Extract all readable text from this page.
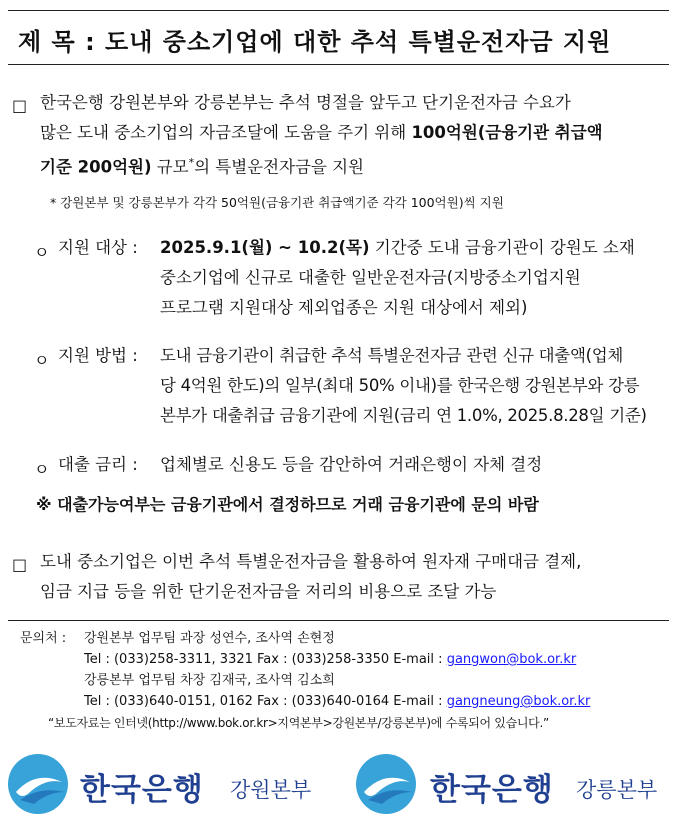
제 목 : 도내 중소기업에 대한 추석 특별운전자금 지원
□ 한국은행 강원본부와 강릉본부는 추석 명절을 앞두고 단기운전자금 수요가
많은 도내 중소기업의 자금조달에 도움을 주기 위해 100억원(금융기관 취급액
기준 200억원) 규모*의 특별운전자금을 지원
* 강원본부 및 강릉본부가 각각 50억원(금융기관 취급액기준 각각 100억원)씩 지원
ㅇ 지원 대상 : 2025.9.1(월) ~ 10.2(목) 기간중 도내 금융기관이 강원도 소재
중소기업에 신규로 대출한 일반운전자금(지방중소기업지원
프로그램 지원대상 제외업종은 지원 대상에서 제외)
ㅇ 지원 방법 : 도내 금융기관이 취급한 추석 특별운전자금 관련 신규 대출액(업체
당 4억원 한도)의 일부(최대 50% 이내)를 한국은행 강원본부와 강릉
본부가 대출취급 금융기관에 지원(금리 연 1.0%, 2025.8.28일 기준)
ㅇ 대출 금리 : 업체별로 신용도 등을 감안하여 거래은행이 자체 결정
※ 대출가능여부는 금융기관에서 결정하므로 거래 금융기관에 문의 바람
□ 도내 중소기업은 이번 추석 특별운전자금을 활용하여 원자재 구매대금 결제,
임금 지급 등을 위한 단기운전자금을 저리의 비용으로 조달 가능
문의처 : 강원본부 업무팀 과장 성연수, 조사역 손현정
Tel : (033)258-3311, 3321 Fax : (033)258-3350 E-mail : gangwon@bok.or.kr
강릉본부 업무팀 차장 김재국, 조사역 김소희
Tel : (033)640-0151, 0162 Fax : (033)640-0164 E-mail : gangneung@bok.or.kr
“보도자료는 인터넷(http://www.bok.or.kr>지역본부>강원본부/강릉본부)에 수록되어 있습니다.”
한국은행 강원본부	한국은행 강릉본부
